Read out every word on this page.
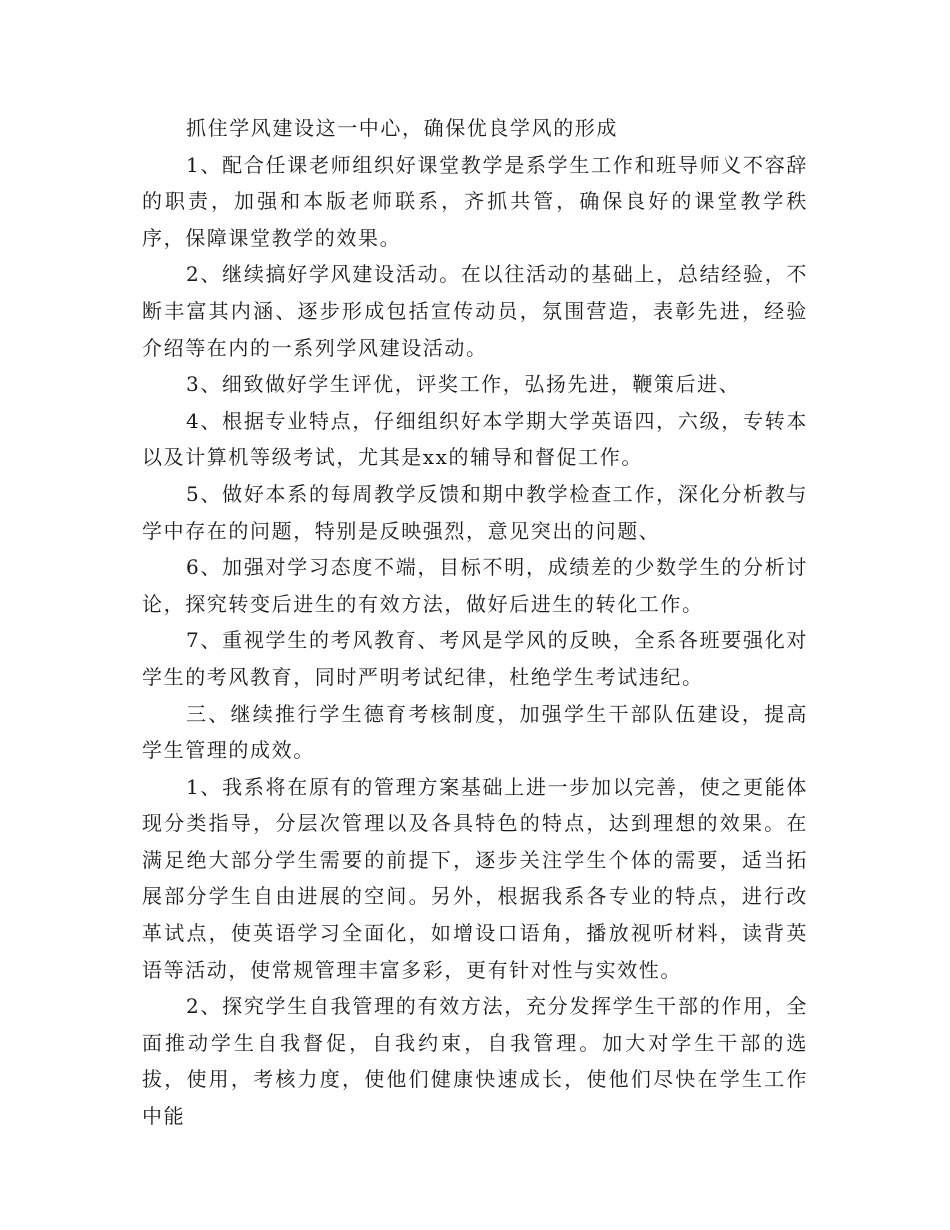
抓住学风建设这一中心，确保优良学风的形成

1、配合任课老师组织好课堂教学是系学生工作和班导师义不容辞的职责，加强和本版老师联系，齐抓共管，确保良好的课堂教学秩序，保障课堂教学的效果。

2、继续搞好学风建设活动。在以往活动的基础上，总结经验，不断丰富其内涵、逐步形成包括宣传动员，氛围营造，表彰先进，经验介绍等在内的一系列学风建设活动。

3、细致做好学生评优，评奖工作，弘扬先进，鞭策后进、

4、根据专业特点，仔细组织好本学期大学英语四，六级，专转本以及计算机等级考试，尤其是xx的辅导和督促工作。

5、做好本系的每周教学反馈和期中教学检查工作，深化分析教与学中存在的问题，特别是反映强烈，意见突出的问题、

6、加强对学习态度不端，目标不明，成绩差的少数学生的分析讨论，探究转变后进生的有效方法，做好后进生的转化工作。

7、重视学生的考风教育、考风是学风的反映，全系各班要强化对学生的考风教育，同时严明考试纪律，杜绝学生考试违纪。

三、继续推行学生德育考核制度，加强学生干部队伍建设，提高学生管理的成效。

1、我系将在原有的管理方案基础上进一步加以完善，使之更能体现分类指导，分层次管理以及各具特色的特点，达到理想的效果。在满足绝大部分学生需要的前提下，逐步关注学生个体的需要，适当拓展部分学生自由进展的空间。另外，根据我系各专业的特点，进行改革试点，使英语学习全面化，如增设口语角，播放视听材料，读背英语等活动，使常规管理丰富多彩，更有针对性与实效性。

2、探究学生自我管理的有效方法，充分发挥学生干部的作用，全面推动学生自我督促，自我约束，自我管理。加大对学生干部的选拔，使用，考核力度，使他们健康快速成长，使他们尽快在学生工作中能
